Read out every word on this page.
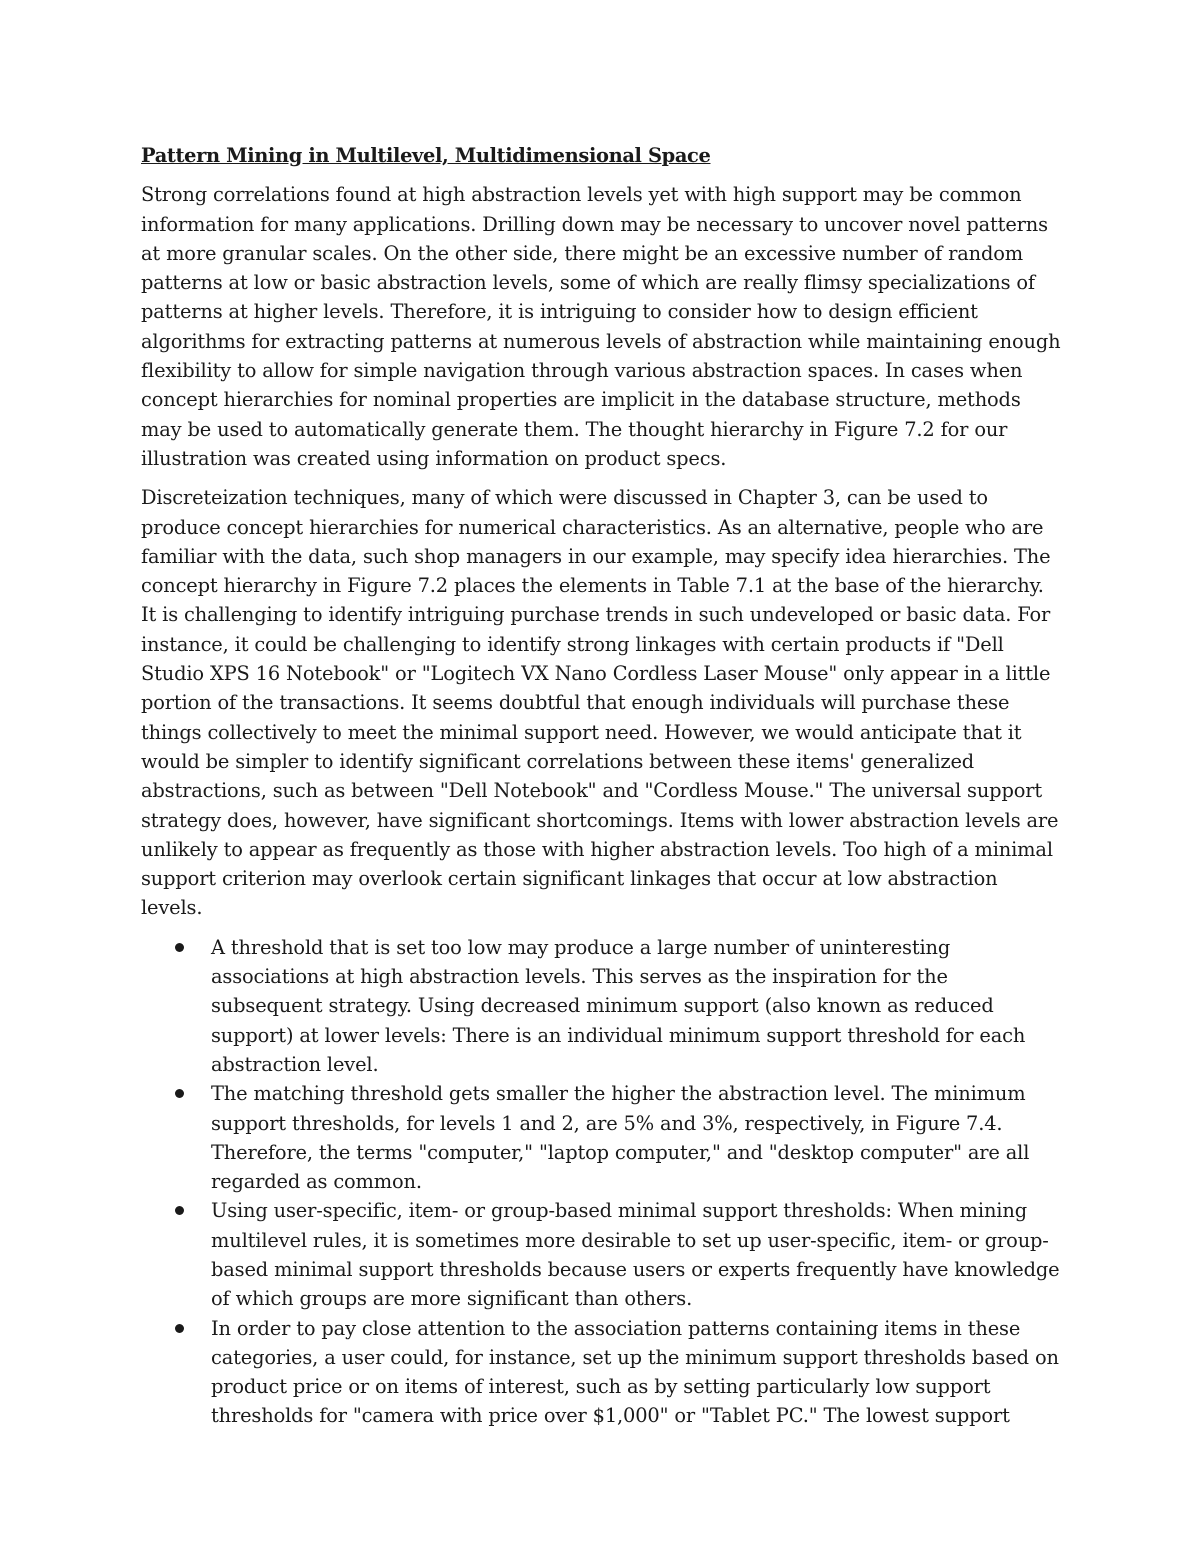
Pattern Mining in Multilevel, Multidimensional Space

Strong correlations found at high abstraction levels yet with high support may be common information for many applications. Drilling down may be necessary to uncover novel patterns at more granular scales. On the other side, there might be an excessive number of random patterns at low or basic abstraction levels, some of which are really flimsy specializations of patterns at higher levels. Therefore, it is intriguing to consider how to design efficient algorithms for extracting patterns at numerous levels of abstraction while maintaining enough flexibility to allow for simple navigation through various abstraction spaces. In cases when concept hierarchies for nominal properties are implicit in the database structure, methods may be used to automatically generate them. The thought hierarchy in Figure 7.2 for our illustration was created using information on product specs.

Discreteization techniques, many of which were discussed in Chapter 3, can be used to produce concept hierarchies for numerical characteristics. As an alternative, people who are familiar with the data, such shop managers in our example, may specify idea hierarchies. The concept hierarchy in Figure 7.2 places the elements in Table 7.1 at the base of the hierarchy. It is challenging to identify intriguing purchase trends in such undeveloped or basic data. For instance, it could be challenging to identify strong linkages with certain products if "Dell Studio XPS 16 Notebook" or "Logitech VX Nano Cordless Laser Mouse" only appear in a little portion of the transactions. It seems doubtful that enough individuals will purchase these things collectively to meet the minimal support need. However, we would anticipate that it would be simpler to identify significant correlations between these items' generalized abstractions, such as between "Dell Notebook" and "Cordless Mouse." The universal support strategy does, however, have significant shortcomings. Items with lower abstraction levels are unlikely to appear as frequently as those with higher abstraction levels. Too high of a minimal support criterion may overlook certain significant linkages that occur at low abstraction levels.

A threshold that is set too low may produce a large number of uninteresting associations at high abstraction levels. This serves as the inspiration for the subsequent strategy. Using decreased minimum support (also known as reduced support) at lower levels: There is an individual minimum support threshold for each abstraction level.
The matching threshold gets smaller the higher the abstraction level. The minimum support thresholds, for levels 1 and 2, are 5% and 3%, respectively, in Figure 7.4. Therefore, the terms "computer," "laptop computer," and "desktop computer" are all regarded as common.
Using user-specific, item- or group-based minimal support thresholds: When mining multilevel rules, it is sometimes more desirable to set up user-specific, item- or group-based minimal support thresholds because users or experts frequently have knowledge of which groups are more significant than others.
In order to pay close attention to the association patterns containing items in these categories, a user could, for instance, set up the minimum support thresholds based on product price or on items of interest, such as by setting particularly low support thresholds for "camera with price over $1,000" or "Tablet PC." The lowest support
